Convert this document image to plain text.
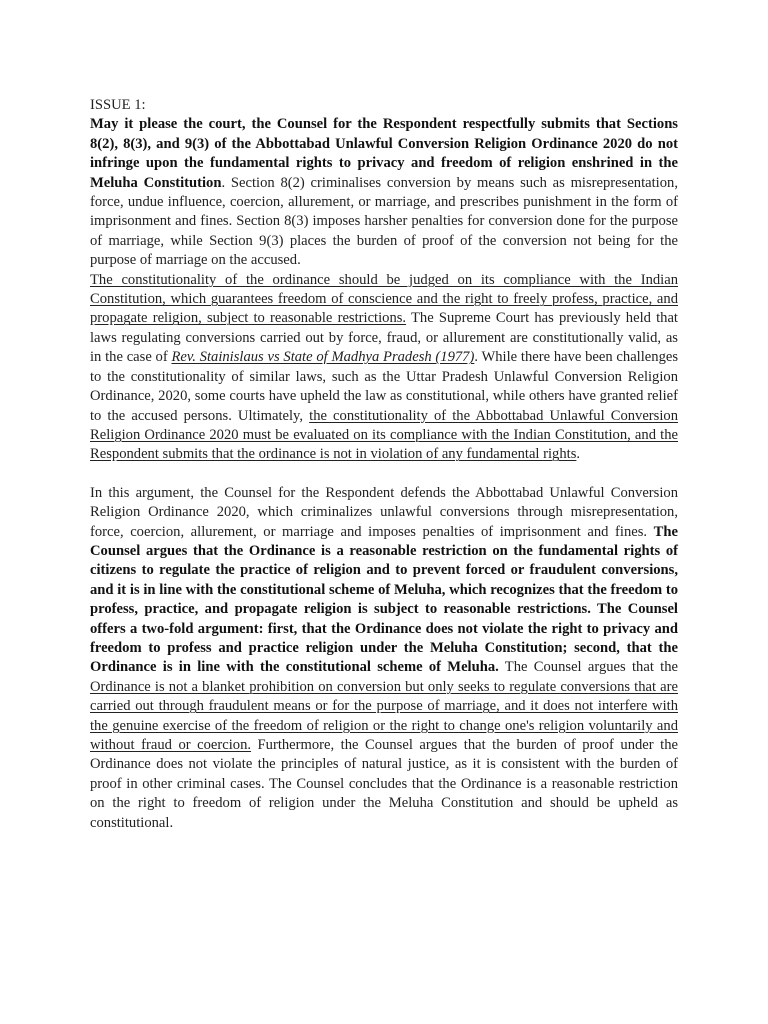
ISSUE 1:

May it please the court, the Counsel for the Respondent respectfully submits that Sections 8(2), 8(3), and 9(3) of the Abbottabad Unlawful Conversion Religion Ordinance 2020 do not infringe upon the fundamental rights to privacy and freedom of religion enshrined in the Meluha Constitution. Section 8(2) criminalises conversion by means such as misrepresentation, force, undue influence, coercion, allurement, or marriage, and prescribes punishment in the form of imprisonment and fines. Section 8(3) imposes harsher penalties for conversion done for the purpose of marriage, while Section 9(3) places the burden of proof of the conversion not being for the purpose of marriage on the accused.

The constitutionality of the ordinance should be judged on its compliance with the Indian Constitution, which guarantees freedom of conscience and the right to freely profess, practice, and propagate religion, subject to reasonable restrictions. The Supreme Court has previously held that laws regulating conversions carried out by force, fraud, or allurement are constitutionally valid, as in the case of Rev. Stainislaus vs State of Madhya Pradesh (1977). While there have been challenges to the constitutionality of similar laws, such as the Uttar Pradesh Unlawful Conversion Religion Ordinance, 2020, some courts have upheld the law as constitutional, while others have granted relief to the accused persons. Ultimately, the constitutionality of the Abbottabad Unlawful Conversion Religion Ordinance 2020 must be evaluated on its compliance with the Indian Constitution, and the Respondent submits that the ordinance is not in violation of any fundamental rights.

In this argument, the Counsel for the Respondent defends the Abbottabad Unlawful Conversion Religion Ordinance 2020, which criminalizes unlawful conversions through misrepresentation, force, coercion, allurement, or marriage and imposes penalties of imprisonment and fines. The Counsel argues that the Ordinance is a reasonable restriction on the fundamental rights of citizens to regulate the practice of religion and to prevent forced or fraudulent conversions, and it is in line with the constitutional scheme of Meluha, which recognizes that the freedom to profess, practice, and propagate religion is subject to reasonable restrictions. The Counsel offers a two-fold argument: first, that the Ordinance does not violate the right to privacy and freedom to profess and practice religion under the Meluha Constitution; second, that the Ordinance is in line with the constitutional scheme of Meluha. The Counsel argues that the Ordinance is not a blanket prohibition on conversion but only seeks to regulate conversions that are carried out through fraudulent means or for the purpose of marriage, and it does not interfere with the genuine exercise of the freedom of religion or the right to change one's religion voluntarily and without fraud or coercion. Furthermore, the Counsel argues that the burden of proof under the Ordinance does not violate the principles of natural justice, as it is consistent with the burden of proof in other criminal cases. The Counsel concludes that the Ordinance is a reasonable restriction on the right to freedom of religion under the Meluha Constitution and should be upheld as constitutional.
